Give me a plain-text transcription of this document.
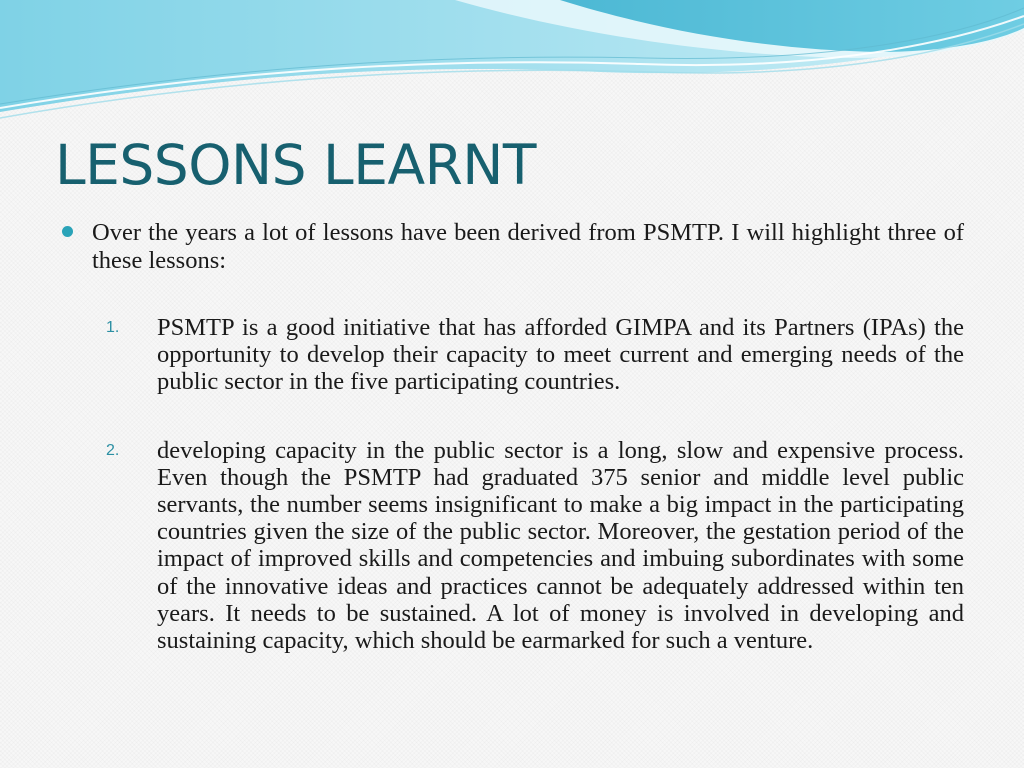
LESSONS LEARNT
Over the years a lot of lessons have been derived from PSMTP. I will highlight three of these lessons:
1. PSMTP is a good initiative that has afforded GIMPA and its Partners (IPAs) the opportunity to develop their capacity to meet current and emerging needs of the public sector in the five participating countries.
2. developing capacity in the public sector is a long, slow and expensive process. Even though the PSMTP had graduated 375 senior and middle level public servants, the number seems insignificant to make a big impact in the participating countries given the size of the public sector. Moreover, the gestation period of the impact of improved skills and competencies and imbuing subordinates with some of the innovative ideas and practices cannot be adequately addressed within ten years. It needs to be sustained. A lot of money is involved in developing and sustaining capacity, which should be earmarked for such a venture.
